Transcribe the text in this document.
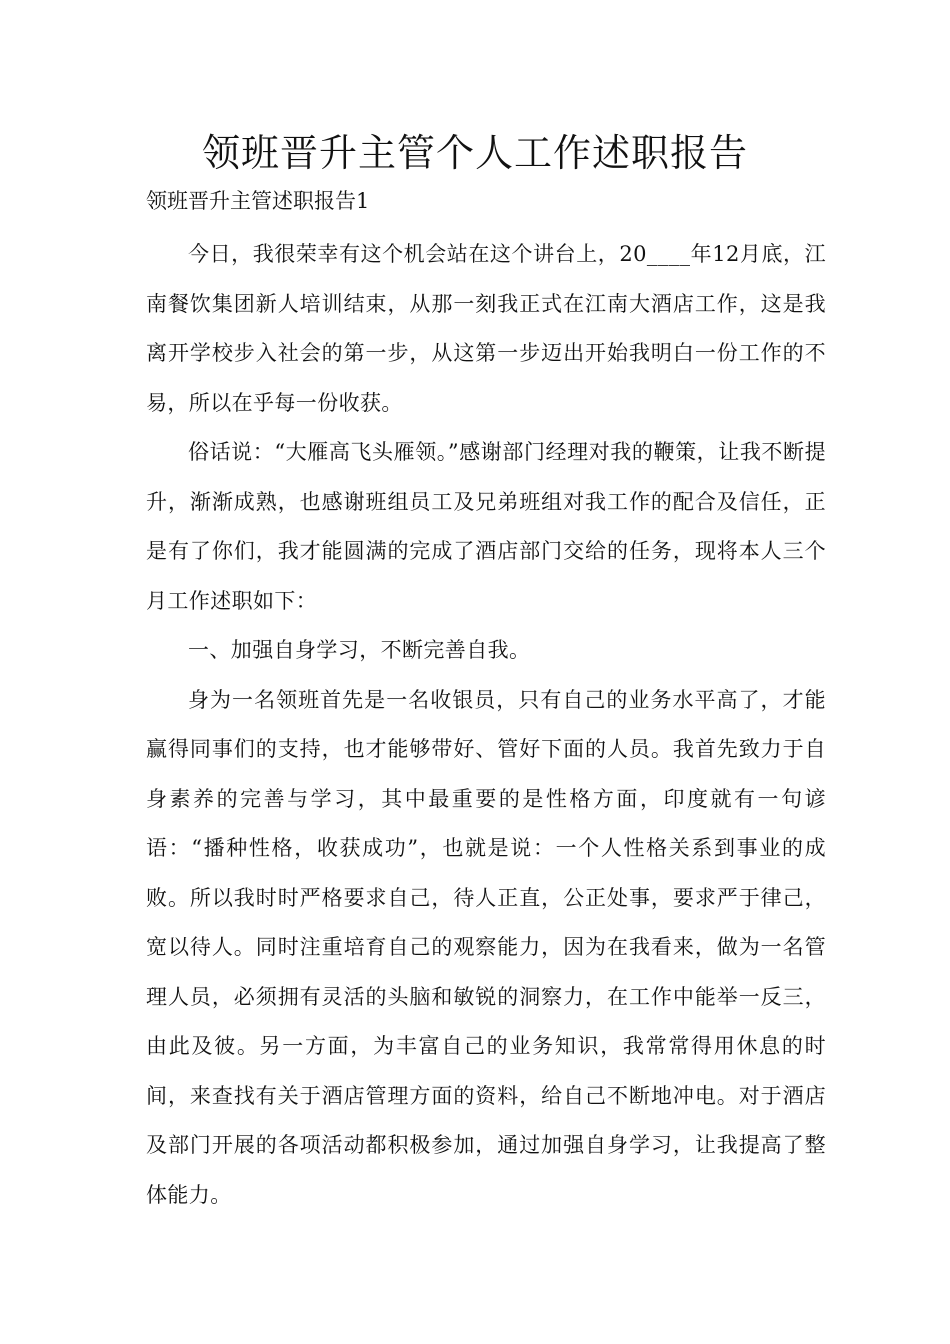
领班晋升主管个人工作述职报告
领班晋升主管述职报告1

今日，我很荣幸有这个机会站在这个讲台上，20____年12月底，江南餐饮集团新人培训结束，从那一刻我正式在江南大酒店工作，这是我离开学校步入社会的第一步，从这第一步迈出开始我明白一份工作的不易，所以在乎每一份收获。

俗话说：“大雁高飞头雁领。”感谢部门经理对我的鞭策，让我不断提升，渐渐成熟，也感谢班组员工及兄弟班组对我工作的配合及信任，正是有了你们，我才能圆满的完成了酒店部门交给的任务，现将本人三个月工作述职如下：

一、加强自身学习，不断完善自我。

身为一名领班首先是一名收银员，只有自己的业务水平高了，才能赢得同事们的支持，也才能够带好、管好下面的人员。我首先致力于自身素养的完善与学习，其中最重要的是性格方面，印度就有一句谚语：“播种性格，收获成功”，也就是说：一个人性格关系到事业的成败。所以我时时严格要求自己，待人正直，公正处事，要求严于律己，宽以待人。同时注重培育自己的观察能力，因为在我看来，做为一名管理人员，必须拥有灵活的头脑和敏锐的洞察力，在工作中能举一反三，由此及彼。另一方面，为丰富自己的业务知识，我常常得用休息的时间，来查找有关于酒店管理方面的资料，给自己不断地冲电。对于酒店及部门开展的各项活动都积极参加，通过加强自身学习，让我提高了整体能力。
